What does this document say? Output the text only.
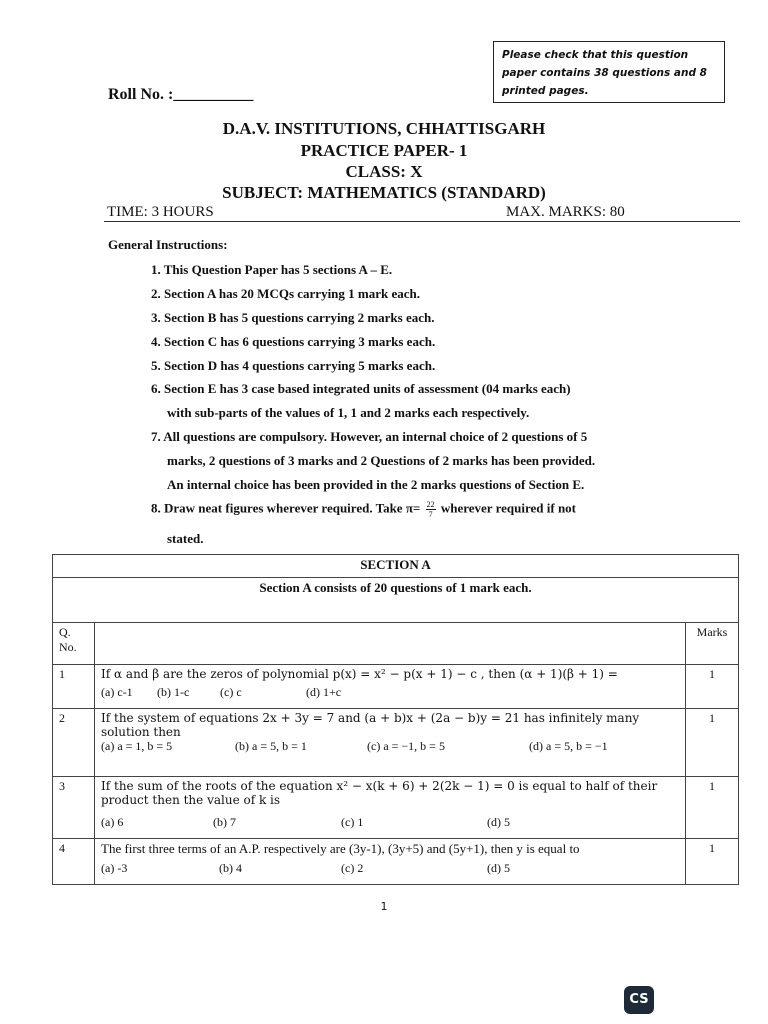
Please check that this question paper contains 38 questions and 8 printed pages.
Roll No. :__________
D.A.V. INSTITUTIONS, CHHATTISGARH
PRACTICE PAPER- 1
CLASS: X
SUBJECT: MATHEMATICS (STANDARD)
TIME: 3 HOURS	MAX. MARKS: 80
General Instructions:
1. This Question Paper has 5 sections A – E.
2. Section A has 20 MCQs carrying 1 mark each.
3. Section B has 5 questions carrying 2 marks each.
4. Section C has 6 questions carrying 3 marks each.
5. Section D has 4 questions carrying 5 marks each.
6. Section E has 3 case based integrated units of assessment (04 marks each)
with sub-parts of the values of 1, 1 and 2 marks each respectively.
7. All questions are compulsory. However, an internal choice of 2 questions of 5
marks, 2 questions of 3 marks and 2 Questions of 2 marks has been provided.
An internal choice has been provided in the 2 marks questions of Section E.
8. Draw neat figures wherever required. Take $\pi= \frac{22}{7}$ wherever required if not
stated.
SECTION A		
Section A consists of 20 questions of 1 mark each.		
Q. No.		Marks
1	If α and β are the zeros of polynomial p(x) = x² − p(x + 1) − c , then (α + 1)(β + 1) =
(a) c-1 (b) 1-c (c) c (d) 1+c	1
2	If the system of equations 2x + 3y = 7 and (a + b)x + (2a − b)y = 21 has infinitely many solution then
(a) a = 1, b = 5 (b) a = 5, b = 1 (c) a = −1, b = 5 (d) a = 5, b = −1	1
3	If the sum of the roots of the equation x² − x(k + 6) + 2(2k − 1) = 0 is equal to half of their product then the value of k is
(a) 6 (b) 7 (c) 1 (d) 5	1
4	The first three terms of an A.P. respectively are (3y-1), (3y+5) and (5y+1), then y is equal to
(a) -3 (b) 4 (c) 2 (d) 5	1
1
CS
